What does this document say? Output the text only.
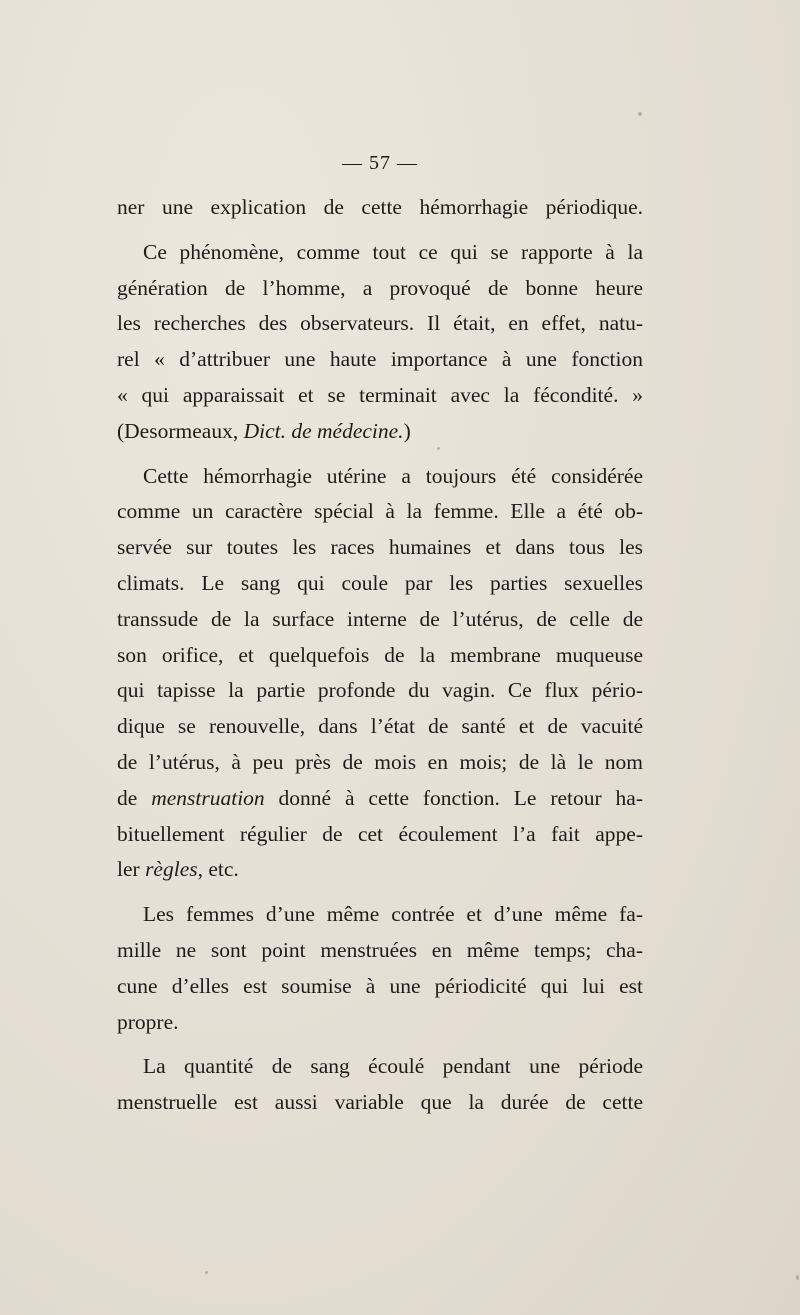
— 57 —
ner une explication de cette hémorrhagie périodique.
Ce phénomène, comme tout ce qui se rapporte à la
génération de l’homme, a provoqué de bonne heure
les recherches des observateurs. Il était, en effet, natu-
rel « d’attribuer une haute importance à une fonction
« qui apparaissait et se terminait avec la fécondité. »
(Desormeaux, Dict. de médecine.)
Cette hémorrhagie utérine a toujours été considérée
comme un caractère spécial à la femme. Elle a été ob-
servée sur toutes les races humaines et dans tous les
climats. Le sang qui coule par les parties sexuelles
transsude de la surface interne de l’utérus, de celle de
son orifice, et quelquefois de la membrane muqueuse
qui tapisse la partie profonde du vagin. Ce flux pério-
dique se renouvelle, dans l’état de santé et de vacuité
de l’utérus, à peu près de mois en mois; de là le nom
de menstruation donné à cette fonction. Le retour ha-
bituellement régulier de cet écoulement l’a fait appe-
ler règles, etc.
Les femmes d’une même contrée et d’une même fa-
mille ne sont point menstruées en même temps; cha-
cune d’elles est soumise à une périodicité qui lui est
propre.
La quantité de sang écoulé pendant une période
menstruelle est aussi variable que la durée de cette
